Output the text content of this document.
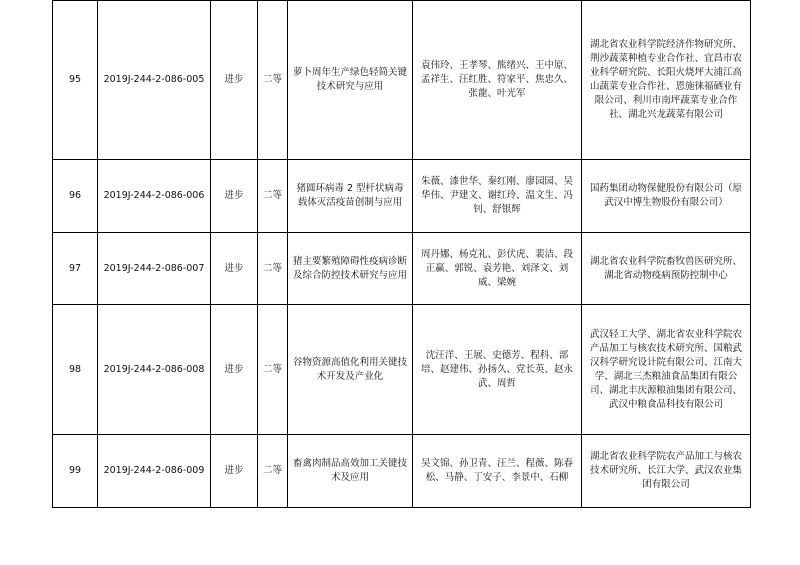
95	2019J-244-2-086-005	进步	二等	萝卜周年生产绿色轻简关键技术研究与应用	袁伟玲、王孝琴、熊绪兴、王中原、孟祥生、汪红胜、符家平、焦忠久、张龍、叶光军	湖北省农业科学院经济作物研究所、荆沙蔬菜种植专业合作社、宜昌市农业科学研究院、长阳火烧坪大浦江高山蔬菜专业合作社、恩施徕福硒业有限公司、利川市南坪蔬菜专业合作社、湖北兴龙蔬菜有限公司
96	2019J-244-2-086-006	进步	二等	猪圆环病毒 2 型杆状病毒载体灭活疫苗创制与应用	朱薇、漆世华、秦红刚、廖园园、吴华伟、尹建文、谢红玲、温文生、冯钊、舒银辉	国药集团动物保健股份有限公司（原武汉中博生物股份有限公司）
97	2019J-244-2-086-007	进步	二等	猪主要繁殖障碍性疫病诊断及综合防控技术研究与应用	周丹娜、杨克礼、彭伏虎、裴洁、段正赢、郭锐、袁芳艳、刘泽文、刘威、梁婉	湖北省农业科学院畜牧兽医研究所、湖北省动物疫病预防控制中心
98	2019J-244-2-086-008	进步	二等	谷物资源高值化利用关键技术开发及产业化	沈汪洋、王展、史德芳、程科、部培、赵建伟、孙扬久、党长英、赵永武、周哲	武汉轻工大学、湖北省农业科学院农产品加工与核农技术研究所、国粮武汉科学研究设计院有限公司、江南大学、湖北三杰粮油食品集团有限公司、湖北丰庆源粮油集团有限公司、武汉中粮食品科技有限公司
99	2019J-244-2-086-009	进步	二等	畜禽肉制品高效加工关键技术及应用	吴文锦、孙卫青、汪兰、程薇、陈春松、马静、丁安子、李景中、石柳	湖北省农业科学院农产品加工与核农技术研究所、长江大学、武汉农业集团有限公司
